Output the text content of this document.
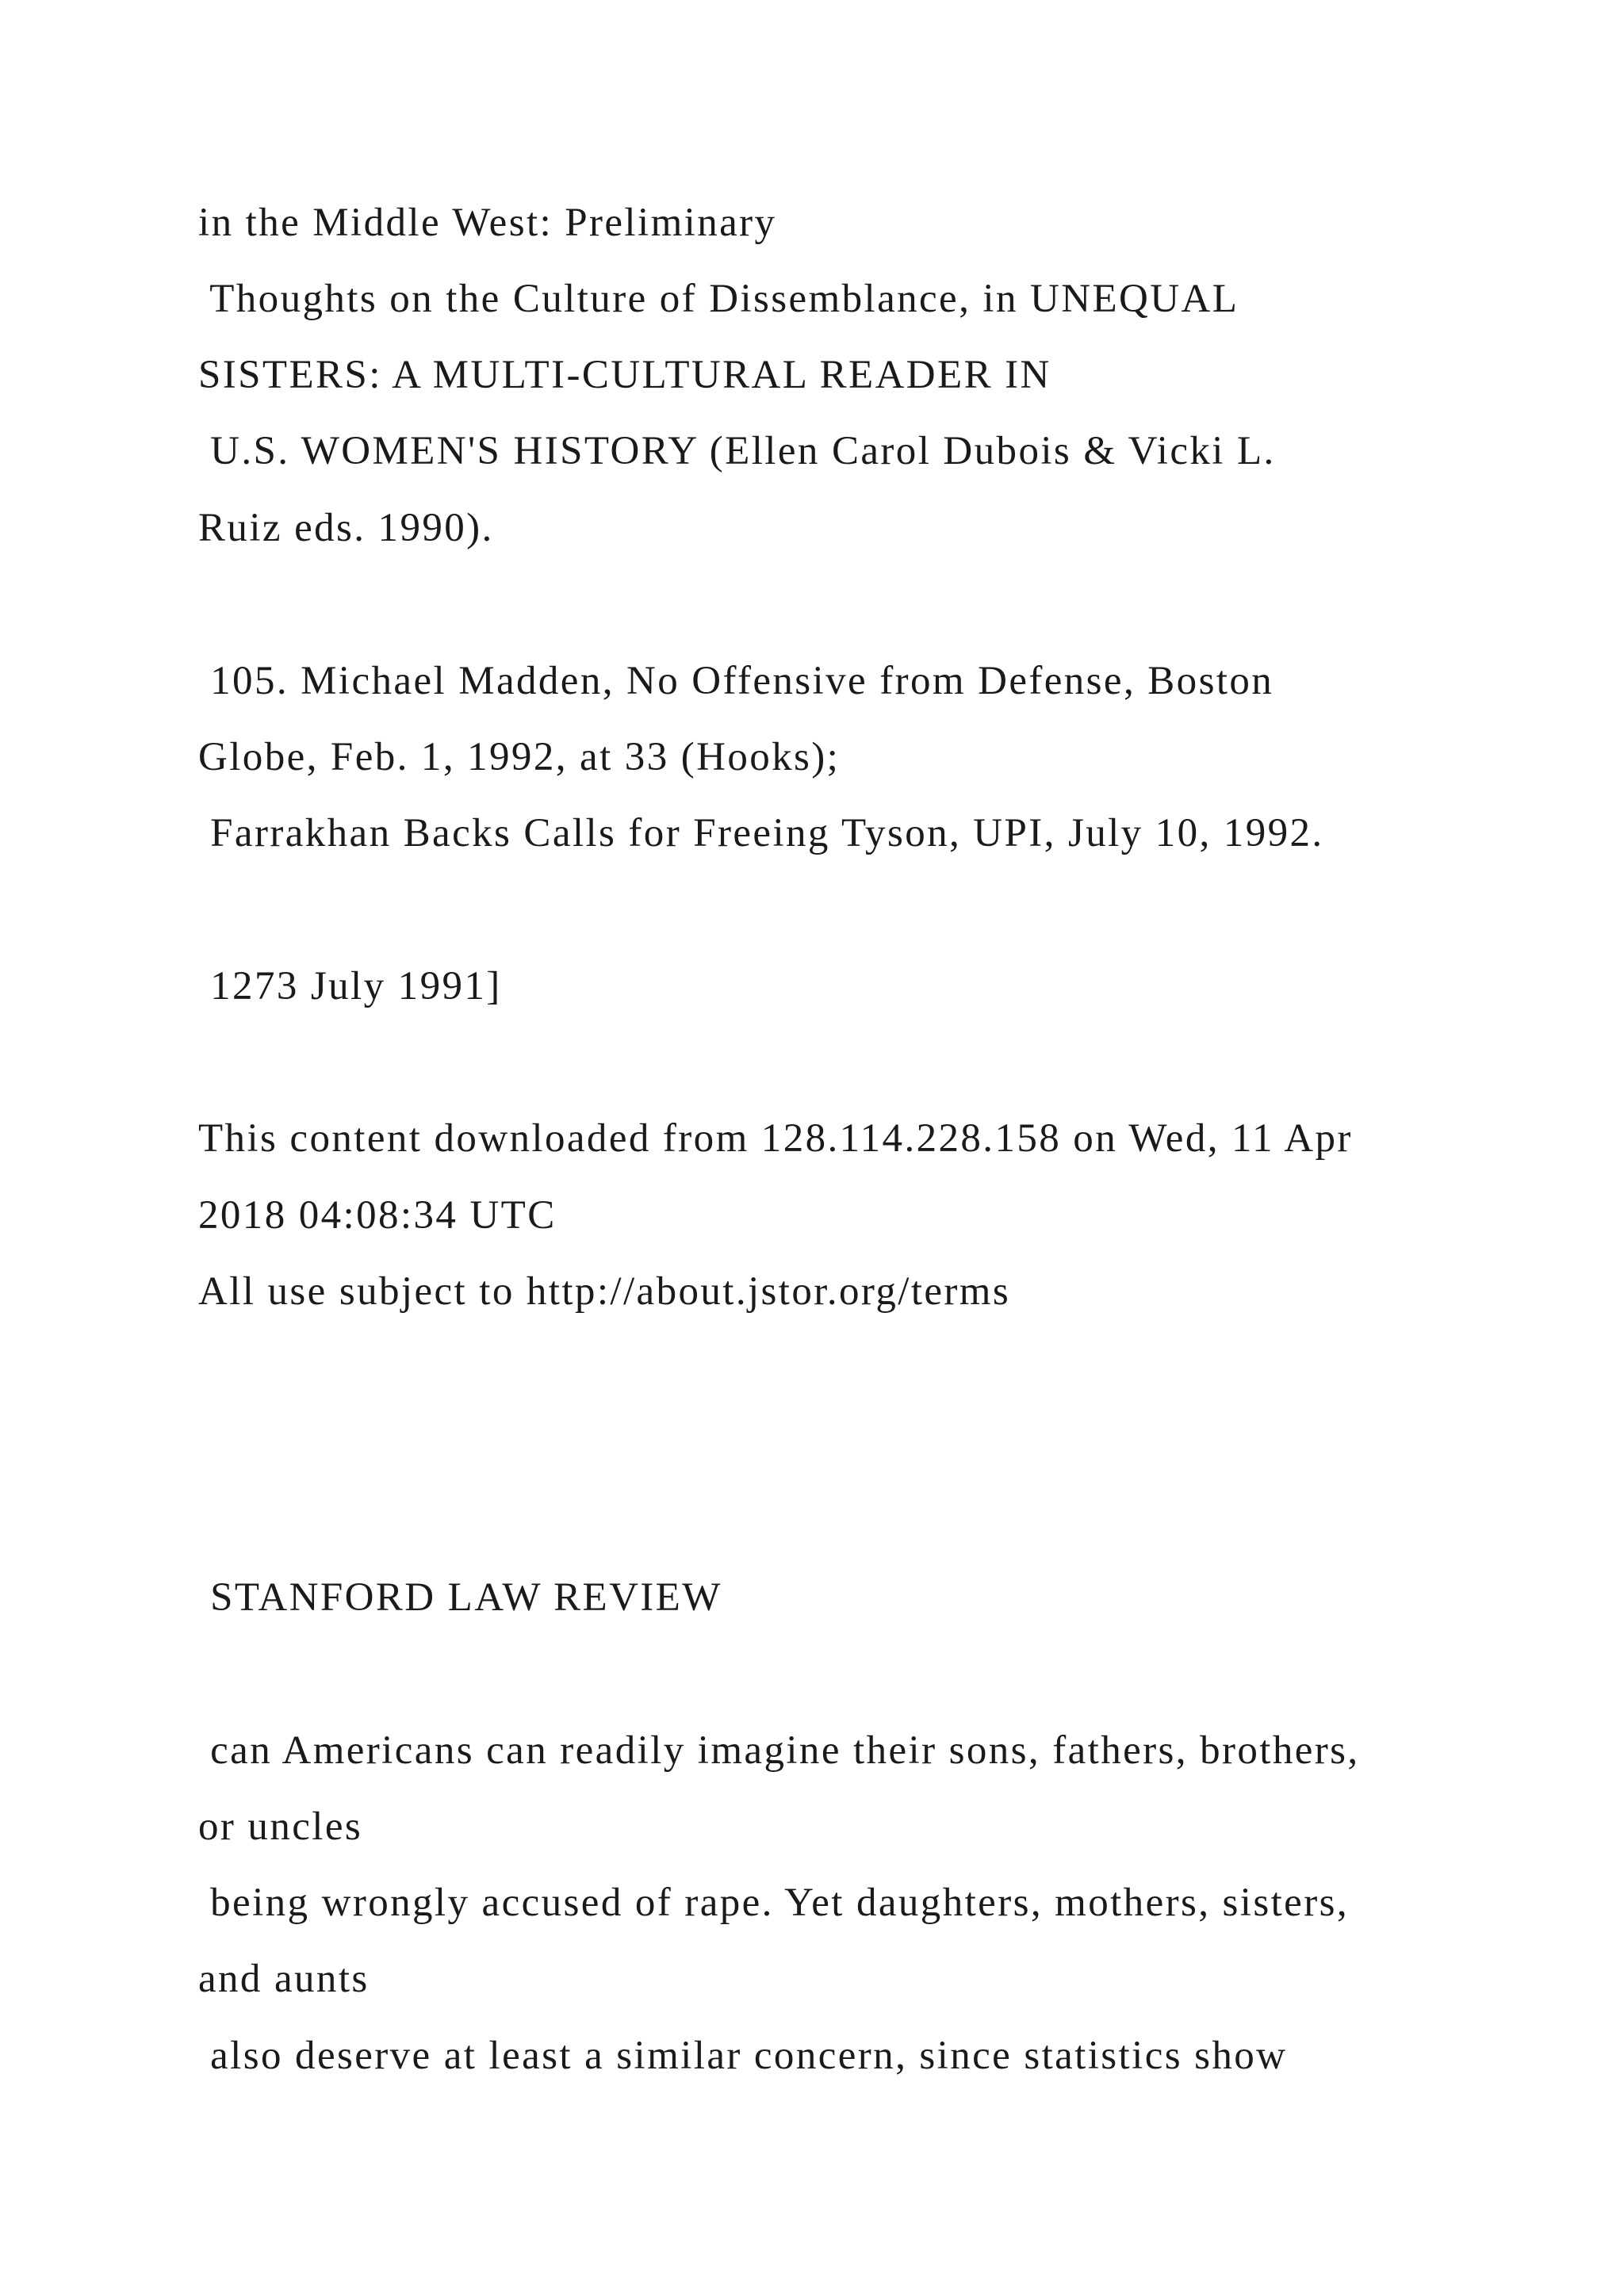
in the Middle West: Preliminary

Thoughts on the Culture of Dissemblance, in UNEQUAL

SISTERS: A MULTI-CULTURAL READER IN

U.S. WOMEN'S HISTORY (Ellen Carol Dubois & Vicki L.

Ruiz eds. 1990).

105. Michael Madden, No Offensive from Defense, Boston

Globe, Feb. 1, 1992, at 33 (Hooks);

Farrakhan Backs Calls for Freeing Tyson, UPI, July 10, 1992.

1273 July 1991]

This content downloaded from 128.114.228.158 on Wed, 11 Apr

2018 04:08:34 UTC

All use subject to http://about.jstor.org/terms

STANFORD LAW REVIEW

can Americans can readily imagine their sons, fathers, brothers,

or uncles

being wrongly accused of rape. Yet daughters, mothers, sisters,

and aunts

also deserve at least a similar concern, since statistics show
